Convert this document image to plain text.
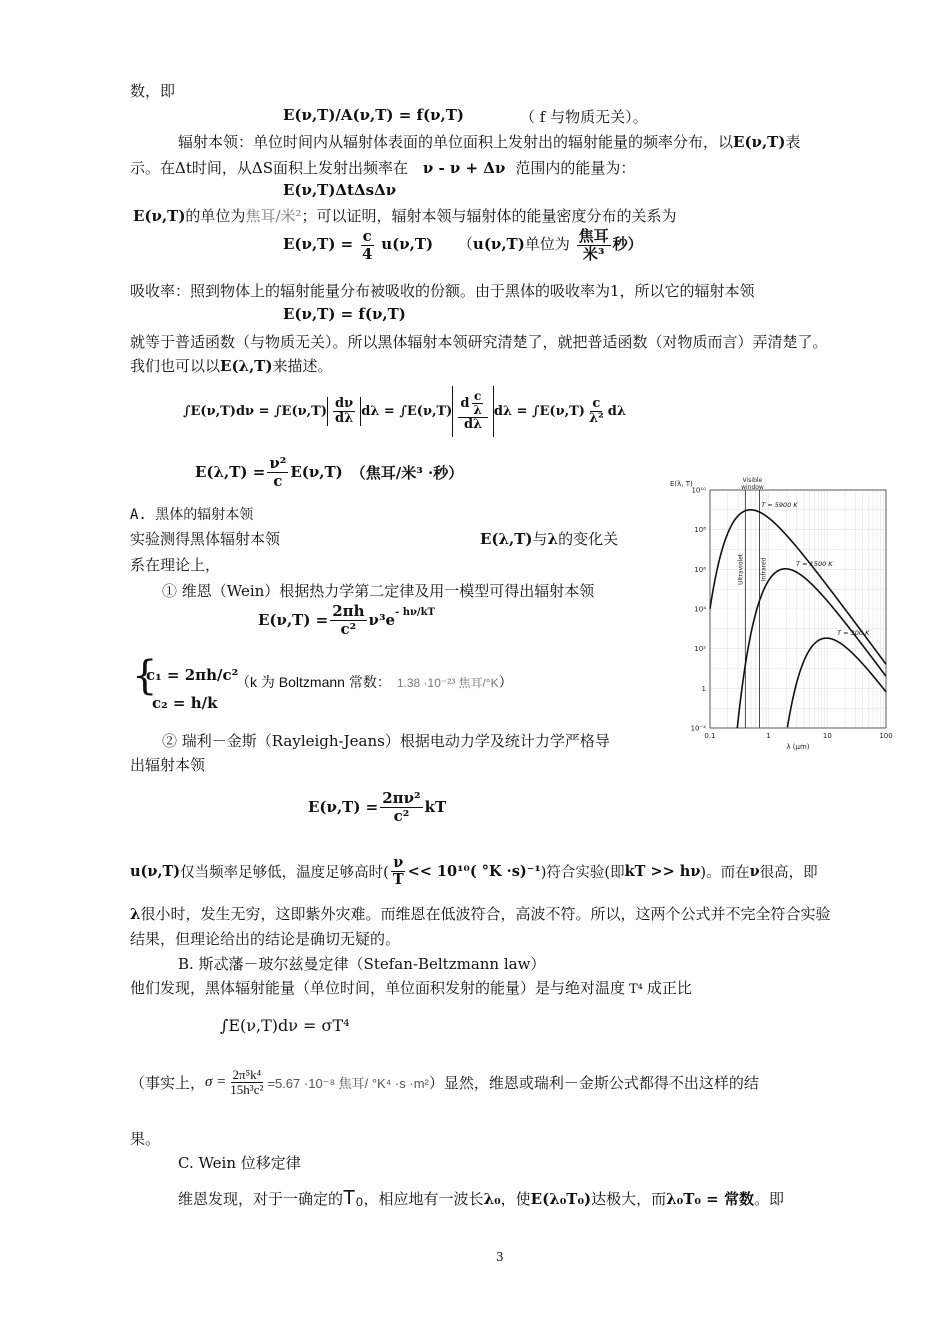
数，即
E(ν,T)/A(ν,T) = f(ν,T)	（ f 与物质无关）。
辐射本领：单位时间内从辐射体表面的单位面积上发射出的辐射能量的频率分布，以E(ν,T)表
示。在Δt时间，从ΔS面积上发射出频率在 ν - ν + Δν 范围内的能量为：
E(ν,T)ΔtΔsΔν
E(ν,T)的单位为焦耳/米²；可以证明，辐射本领与辐射体的能量密度分布的关系为
$E(\nu,T) = \frac{c}{4} u(\nu,T)$ （u(ν,T)单位为 $\frac{\text{焦耳}}{\text{米³}}$ 秒）
吸收率：照到物体上的辐射能量分布被吸收的份额。由于黑体的吸收率为1，所以它的辐射本领
E(ν,T) = f(ν,T)
就等于普适函数（与物质无关）。所以黑体辐射本领研究清楚了，就把普适函数（对物质而言）弄清楚了。
我们也可以以E(λ,T)来描述。
$\int E(\nu,T)d\nu = \int E(\nu,T) \frac{d\nu}{d\lambda}$ $d\lambda = \int E(\nu,T) \frac{d \frac{c}{\lambda}}{d\lambda}$ $d\lambda = \int E(\nu,T) \frac{c}{\text{λ²}}$ dλ
$E(\lambda,T) = \frac{\text{ν²}}{c} E(\nu,T)$ （焦耳/米³ ·秒）
A. 黑体的辐射本领
实验测得黑体辐射本领	E(λ,T)与λ的变化关
系在理论上，
① 维恩（Wein）根据热力学第二定律及用一模型可得出辐射本领
$E(\nu,T) = \frac{2\pi h}{\text{c²}} \nu^3e - h\nu/kT$
{
c₁ = 2πh/c²
c₂ = h/k
（k 为 Boltzmann 常数： 1.38 ·10⁻²³ 焦耳/°K）
② 瑞利－金斯（Rayleigh-Jeans）根据电动力学及统计力学严格导
出辐射本领
$E(\nu,T) = \frac{\text{2πν²}}{\text{c²}}$ kT
u(ν,T) 仅当频率足够低，温度足够高时( $\frac{\nu}{T} << 10^{10}$( °K ·s)⁻¹ )符合实验(即 kT >> hν )。而在 ν 很高，即
λ很小时，发生无穷，这即紫外灾难。而维恩在低波符合，高波不符。所以，这两个公式并不完全符合实验
结果，但理论给出的结论是确切无疑的。
B. 斯忒藩－玻尔兹曼定律（Stefan-Beltzmann law）
他们发现，黑体辐射能量（单位时间，单位面积发射的能量）是与绝对温度 T⁴ 成正比
∫E(ν,T)dν = σT⁴
（事实上， $\sigma = \frac{\text{2π⁵k⁴}}{\text{15h³c²}} =5.67 \cdot 10^{-8}$ 焦耳/ °K⁴ ·s ·m² ）显然，维恩或瑞利－金斯公式都得不出这样的结
果。
C. Wein 位移定律
维恩发现，对于一确定的 T₀ ，相应地有一波长 λ₀ ，使 E(λ₀T₀) 达极大，而 λ₀T₀ = 常数 。即
3
0.1	1	10	100
10⁻²
1
10²
10⁴
10⁶
10⁸
10¹⁰
E(λ, T)
λ (μm)
Visible
window
Ultraviolet	Infrared
T = 5900 K
T = 1500 K
T = 300 K
